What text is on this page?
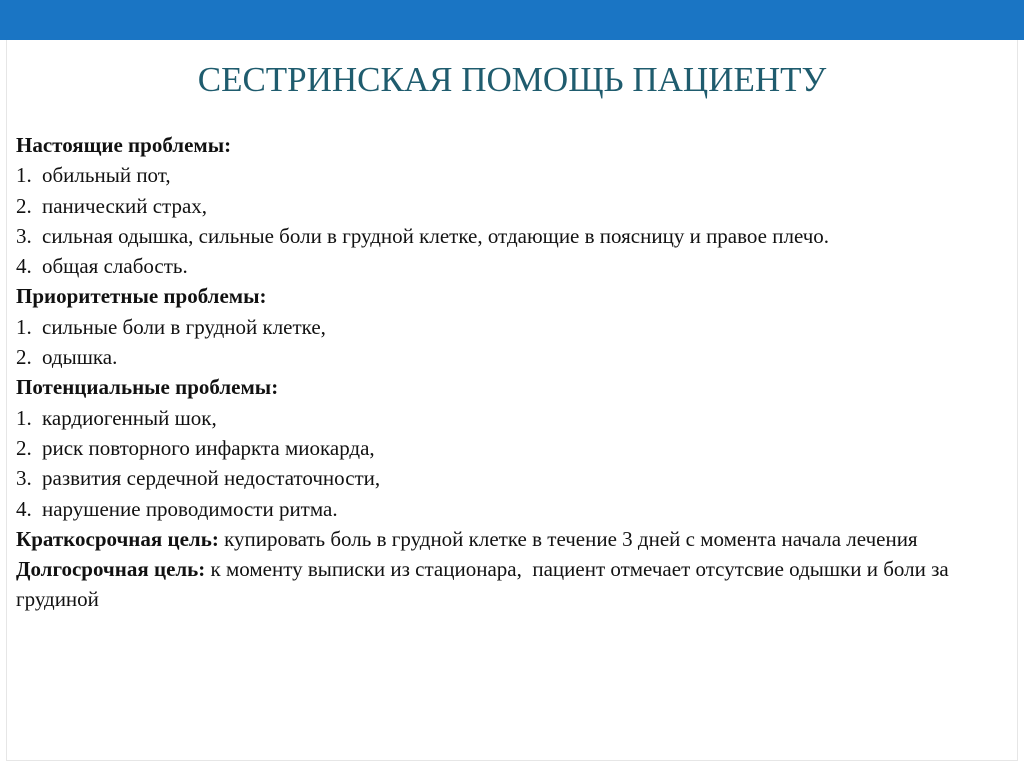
СЕСТРИНСКАЯ ПОМОЩЬ ПАЦИЕНТУ
Настоящие проблемы:
1. обильный пот,
2. панический страх,
3. сильная одышка, сильные боли в грудной клетке, отдающие в поясницу и правое плечо.
4. общая слабость.
Приоритетные проблемы:
1. сильные боли в грудной клетке,
2. одышка.
Потенциальные проблемы:
1. кардиогенный шок,
2. риск повторного инфаркта миокарда,
3. развития сердечной недостаточности,
4. нарушение проводимости ритма.
Краткосрочная цель: купировать боль в грудной клетке в течение 3 дней с момента начала лечения
Долгосрочная цель: к моменту выписки из стационара,  пациент отмечает отсутсвие одышки и боли за грудиной
